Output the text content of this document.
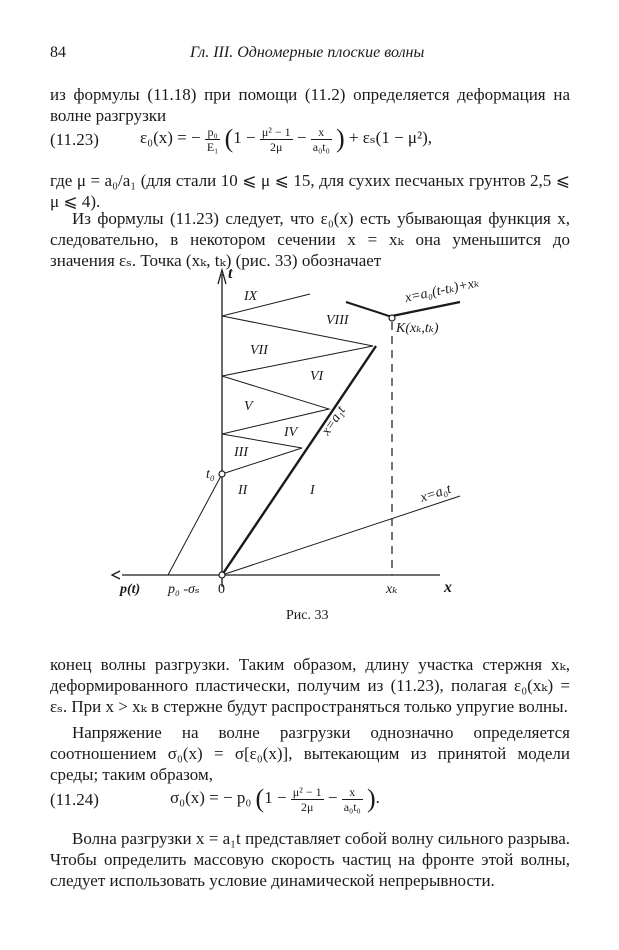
84	Гл. III. Одномерные плоские волны

из формулы (11.18) при помощи (11.2) определяется деформация на волне разгрузки

(11.23) ε₀(x) = − $\frac{\text{p₀}}{\text{E₁}} (1 - \frac{\text{μ² − 1}}{2\mu} - \frac{x}{\text{a₀t₀}}$ ) + εₛ(1 − μ²),

где μ = a₀/a₁ (для стали 10 ⩽ μ ⩽ 15, для сухих песчаных грунтов 2,5 ⩽ μ ⩽ 4).

Из формулы (11.23) следует, что ε₀(x) есть убывающая функция x, следовательно, в некотором сечении x = xₖ она уменьшится до значения εₛ. Точка (xₖ, tₖ) (рис. 33) обозначает

t
x
0	xₖ
t₀
p(t) p₀ -σₛ
K(xₖ,tₖ)
x=a₀(t-tₖ)+xₖ
x=a₁t
x=a₀t
I
II
III
IV
V
VI
VII
VIII
IX
Рис. 33

конец волны разгрузки. Таким образом, длину участка стержня xₖ, деформированного пластически, получим из (11.23), полагая ε₀(xₖ) = εₛ. При x > xₖ в стержне будут распространяться только упругие волны.

Напряжение на волне разгрузки однозначно определяется соотношением σ₀(x) = σ[ε₀(x)], вытекающим из принятой модели среды; таким образом,

(11.24)	σ₀(x) = − p₀ ($1 - \frac{\text{μ² − 1}}{2\mu} - \frac{x}{\text{a₀t₀}}$ ).

Волна разгрузки x = a₁t представляет собой волну сильного разрыва. Чтобы определить массовую скорость частиц на фронте этой волны, следует использовать условие динамической непрерывности.
